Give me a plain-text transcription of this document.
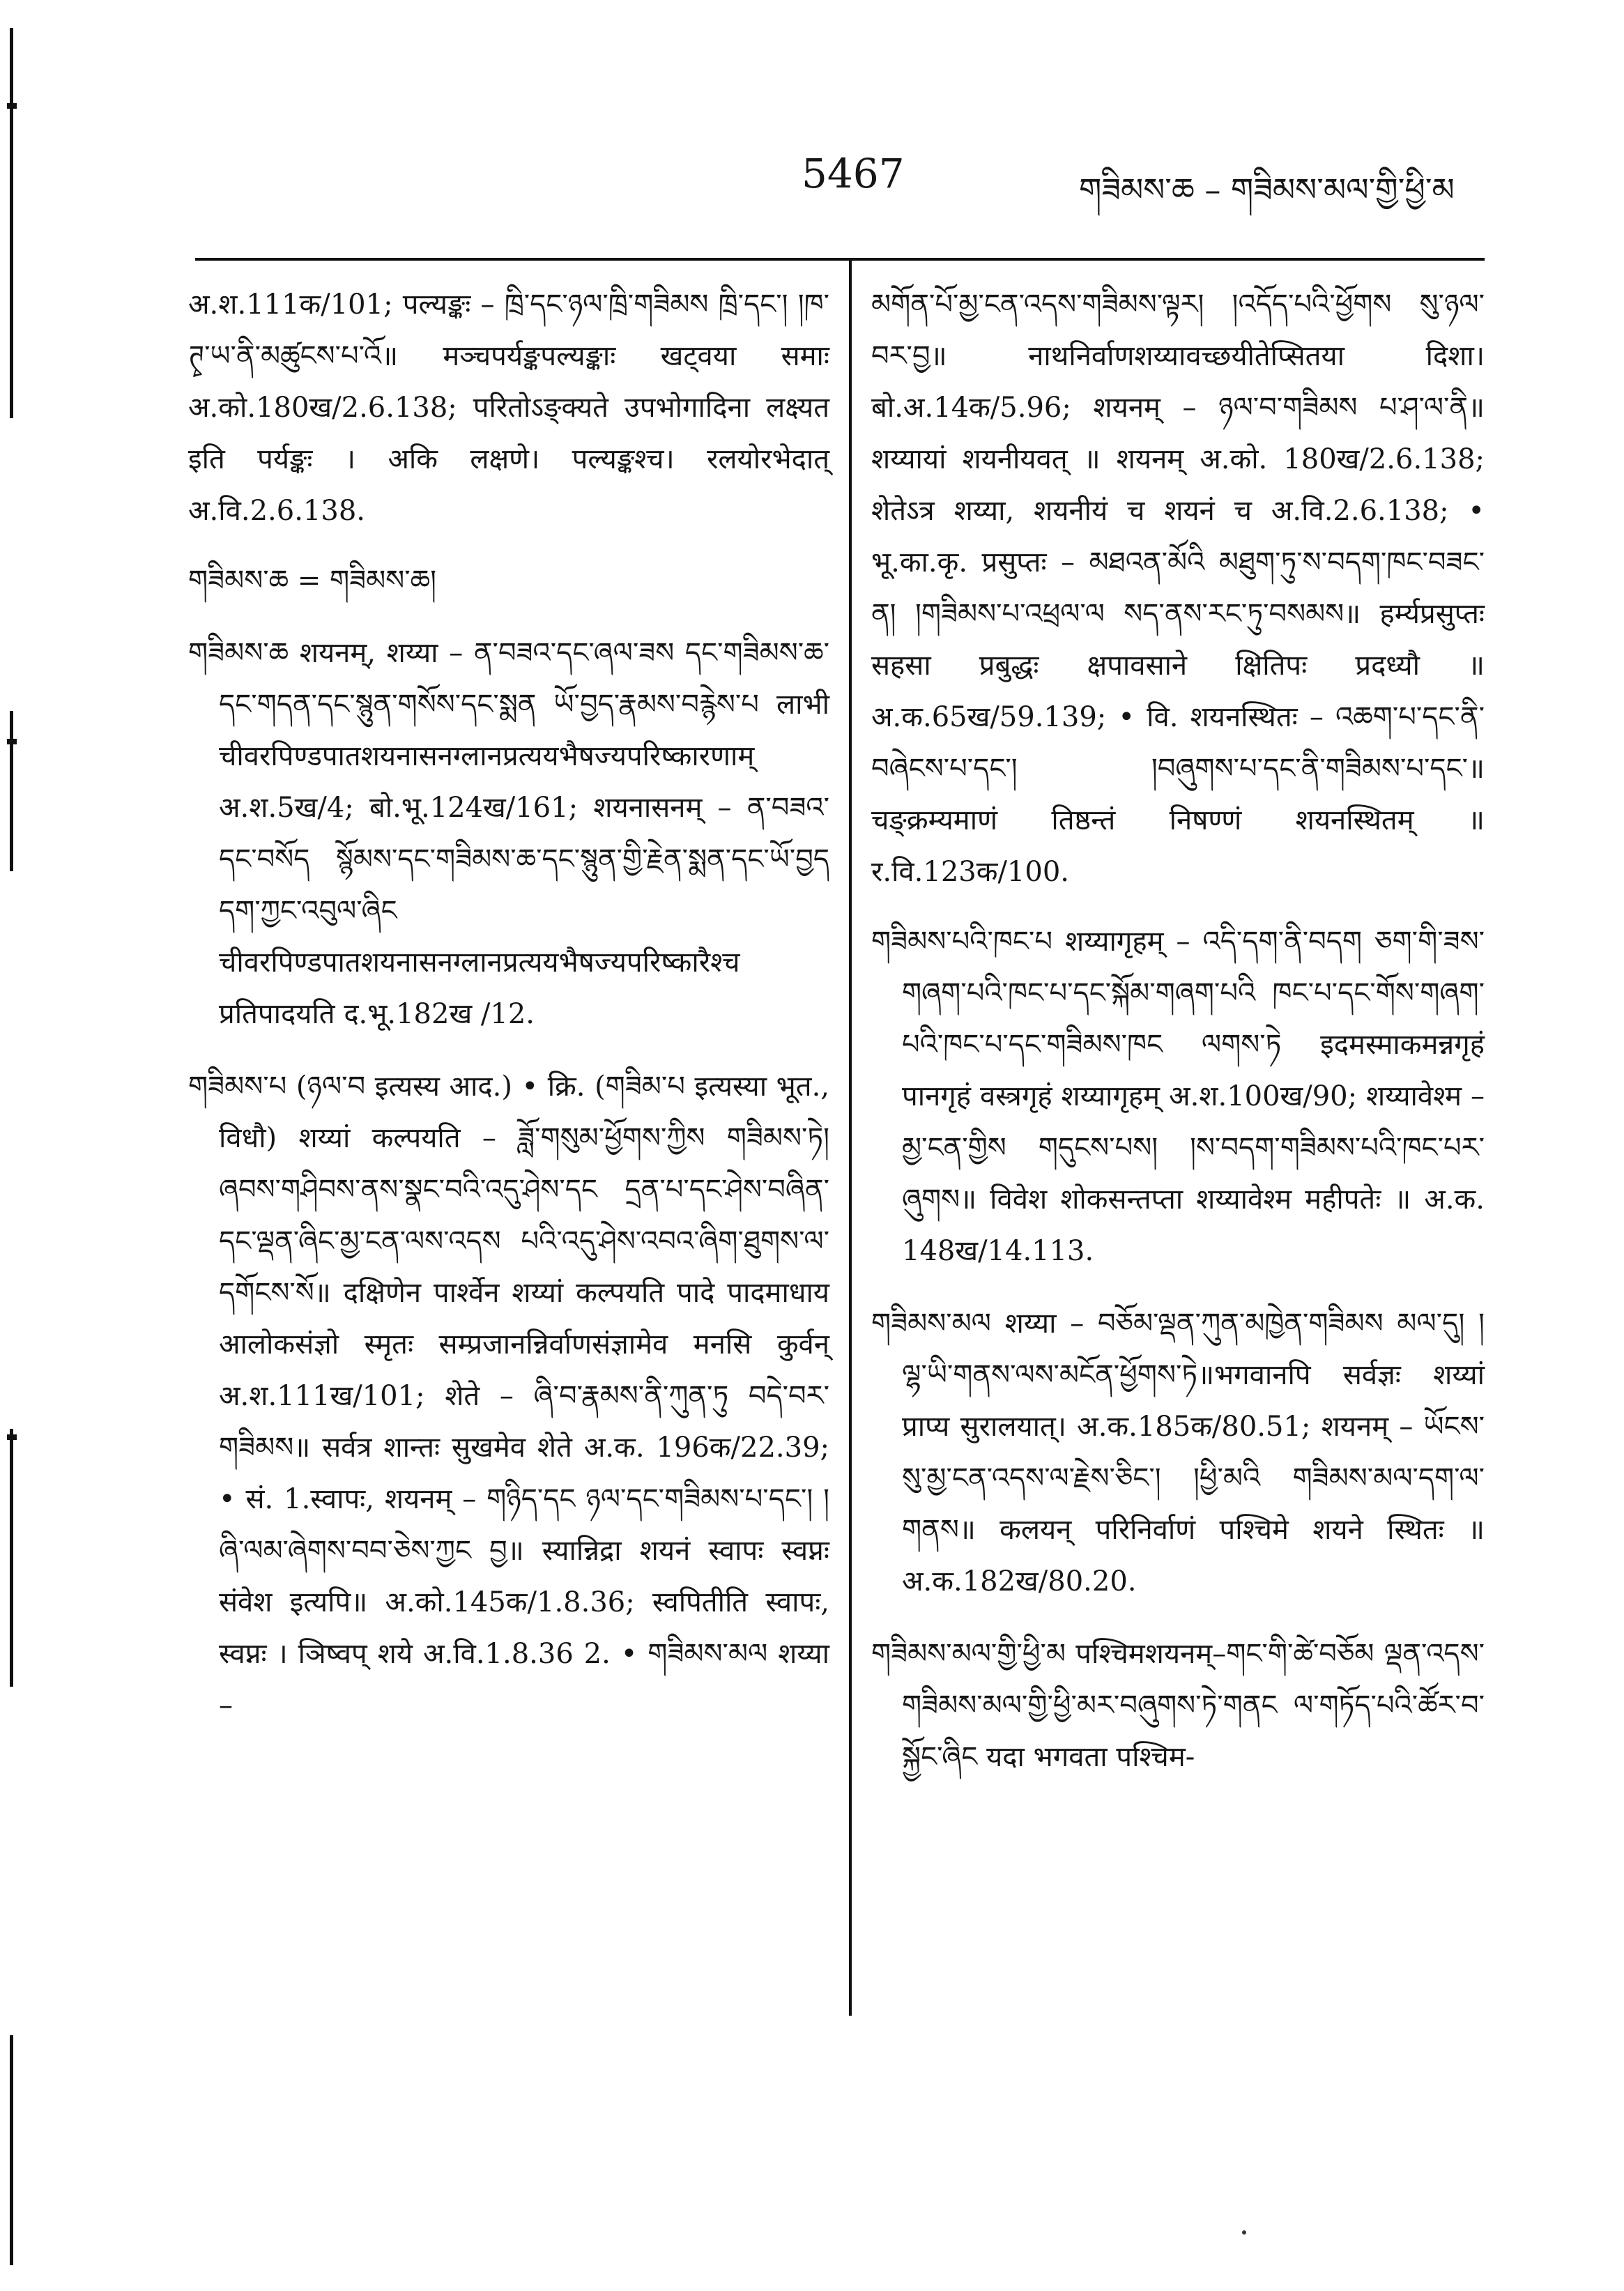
5467	གཟིམས་ཆ – གཟིམས་མལ་གྱི་ཕྱི་མ

अ.श.111क/101; पल्यङ्कः – ཁྲི་དང་ཉལ་ཁྲི་གཟིམས ཁྲི་དང་། །ཁ་ཊྭ་ཡ་ནི་མཚུངས་པ་འོ॥ मञ्चपर्यङ्कपल्यङ्काः खट्वया समाः अ.को.180ख/2.6.138; परितोऽङ्क्यते उपभोगादिना लक्ष्यत इति पर्यङ्कः । अकि लक्षणे। पल्यङ्कश्च। रलयोरभेदात् अ.वि.2.6.138.

གཟིམས་ཆ = གཟིམས་ཆ།

གཟིམས་ཆ शयनम्, शय्या – ན་བཟའ་དང་ཞལ་ཟས དང་གཟིམས་ཆ་དང་གདན་དང་སྙུན་གསོས་དང་སྨན ཡོ་བྱད་རྣམས་བརྙེས་པ लाभी चीवरपिण्डपातशयनासनग्लानप्रत्ययभैषज्यपरिष्कारणाम् अ.श.5ख/4; बो.भू.124ख/161; शयनासनम् – ན་བཟའ་དང་བསོད སྙོམས་དང་གཟིམས་ཆ་དང་སྙུན་གྱི་རྗེན་སྨན་དང་ཡོ་བྱད དག་ཀྱང་འབུལ་ཞིང चीवरपिण्डपातशयनासनग्लानप्रत्ययभैषज्यपरिष्कारैश्च प्रतिपादयति द.भू.182ख /12.

གཟིམས་པ (ཉལ་བ इत्यस्य आद.) • क्रि. (གཟིམ་པ इत्यस्या भूत., विधौ) शय्यां कल्पयति – ཟློ་གསུམ་ཕྱོགས་ཀྱིས གཟིམས་ཏེ། ཞབས་གཤིབས་ནས་སྣང་བའི་འདུ་ཤེས་དང དྲན་པ་དང་ཤེས་བཞིན་དང་ལྡན་ཞིང་མྱ་ངན་ལས་འདས པའི་འདུ་ཤེས་འབའ་ཞིག་ཐུགས་ལ་དགོངས་སོ॥ दक्षिणेन पार्श्वेन शय्यां कल्पयति पादे पादमाधाय आलोकसंज्ञो स्मृतः सम्प्रजानन्निर्वाणसंज्ञामेव मनसि कुर्वन् अ.श.111ख/101; शेते – ཞི་བ་རྣམས་ནི་ཀུན་ཏུ བདེ་བར་གཟིམས॥ सर्वत्र शान्तः सुखमेव शेते अ.क. 196क/22.39; • सं. 1.स्वापः, शयनम् – གཉིད་དང ཉལ་དང་གཟིམས་པ་དང་། །ཞི་ལམ་ཞེགས་བབ་ཅེས་ཀྱང བྱ॥ स्यान्निद्रा शयनं स्वापः स्वप्नः संवेश इत्यपि॥ अ.को.145क/1.8.36; स्वपितीति स्वापः, स्वप्नः । ञिष्वप् शये अ.वि.1.8.36 2. • གཟིམས་མལ शय्या –

མགོན་པོ་མྱ་ངན་འདས་གཟིམས་ལྟར། །འདོད་པའི་ཕྱོགས སུ་ཉལ་བར་བྱ॥ नाथनिर्वाणशय्यावच्छयीतेप्सितया दिशा। बो.अ.14क/5.96; शयनम् – ཉལ་བ་གཟིམས པ་ཤ་ལ་ནི॥ शय्यायां शयनीयवत् ॥ शयनम् अ.को. 180ख/2.6.138; शेतेऽत्र शय्या, शयनीयं च शयनं च अ.वि.2.6.138; • भू.का.कृ. प्रसुप्तः – མཐའན་མོའི མཐུག་ཏུ་ས་བདག་ཁང་བཟང་ན། །གཟིམས་པ་འཕྲལ་ལ སད་ནས་རང་ཏུ་བསམས॥ हर्म्यप्रसुप्तः सहसा प्रबुद्धः क्षपावसाने क्षितिपः प्रदध्यौ ॥ अ.क.65ख/59.139; • वि. शयनस्थितः – འཆག་པ་དང་ནི་བཞེངས་པ་དང་། །བཞུགས་པ་དང་ནི་གཟིམས་པ་དང་॥ चङ्क्रम्यमाणं तिष्ठन्तं निषण्णं शयनस्थितम् ॥ र.वि.123क/100.

གཟིམས་པའི་ཁང་པ शय्यागृहम् – འདི་དག་ནི་བདག ཅག་གི་ཟས་གཞག་པའི་ཁང་པ་དང་སྐོམ་གཞག་པའི ཁང་པ་དང་གོས་གཞག་པའི་ཁང་པ་དང་གཟིམས་ཁང ལགས་ཏེ इदमस्माकमन्नगृहं पानगृहं वस्त्रगृहं शय्यागृहम् अ.श.100ख/90; शय्यावेश्म – མྱ་ངན་གྱིས གདུངས་པས། །ས་བདག་གཟིམས་པའི་ཁང་པར་ཞུགས॥ विवेश शोकसन्तप्ता शय्यावेश्म महीपतेः ॥ अ.क. 148ख/14.113.

གཟིམས་མལ शय्या – བཅོམ་ལྡན་ཀུན་མཁྱེན་གཟིམས མལ་དུ། །ལྷ་ཡི་གནས་ལས་མངོན་ཕྱོགས་ཏེ॥भगवानपि सर्वज्ञः शय्यां प्राप्य सुरालयात्। अ.क.185क/80.51; शयनम् – ཡོངས་སུ་མྱ་ངན་འདས་ལ་རྗེས་ཅིང་། །ཕྱི་མའི གཟིམས་མལ་དག་ལ་གནས॥ कलयन् परिनिर्वाणं पश्चिमे शयने स्थितः ॥ अ.क.182ख/80.20.

གཟིམས་མལ་གྱི་ཕྱི་མ पश्चिमशयनम्–གང་གི་ཚེ་བཅོམ ལྡན་འདས་གཟིམས་མལ་གྱི་ཕྱི་མར་བཞུགས་ཏེ་གནང ལ་གཏོད་པའི་ཚོར་བ་སྐྱོང་ཞིང यदा भगवता पश्चिम-
